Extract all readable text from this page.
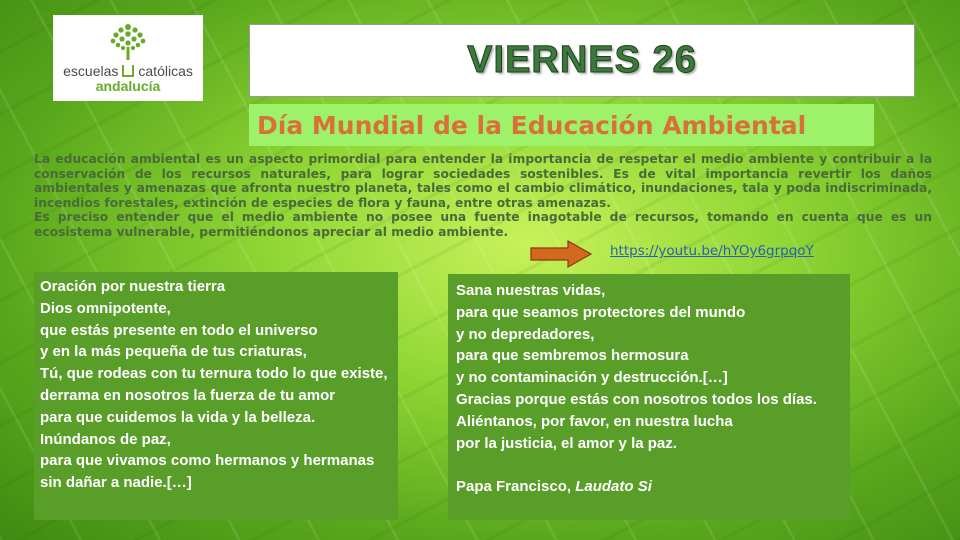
escuelas católicas
andalucía
VIERNES 26
Día Mundial de la Educación Ambiental

La educación ambiental es un aspecto primordial para entender la importancia de respetar el medio ambiente y contribuir a la conservación de los recursos naturales, para lograr sociedades sostenibles. Es de vital importancia revertir los daños ambientales y amenazas que afronta nuestro planeta, tales como el cambio climático, inundaciones, tala y poda indiscriminada, incendios forestales, extinción de especies de flora y fauna, entre otras amenazas.

Es preciso entender que el medio ambiente no posee una fuente inagotable de recursos, tomando en cuenta que es un ecosistema vulnerable, permitiéndonos apreciar al medio ambiente.

https://youtu.be/hYOy6grpqoY
Oración por nuestra tierra
Dios omnipotente,
que estás presente en todo el universo
y en la más pequeña de tus criaturas,
Tú, que rodeas con tu ternura todo lo que existe,
derrama en nosotros la fuerza de tu amor
para que cuidemos la vida y la belleza.
Inúndanos de paz,
para que vivamos como hermanos y hermanas
sin dañar a nadie.[…]
Sana nuestras vidas,
para que seamos protectores del mundo
y no depredadores,
para que sembremos hermosura
y no contaminación y destrucción.[…]
Gracias porque estás con nosotros todos los días.
Aliéntanos, por favor, en nuestra lucha
por la justicia, el amor y la paz.
Papa Francisco, Laudato Si
